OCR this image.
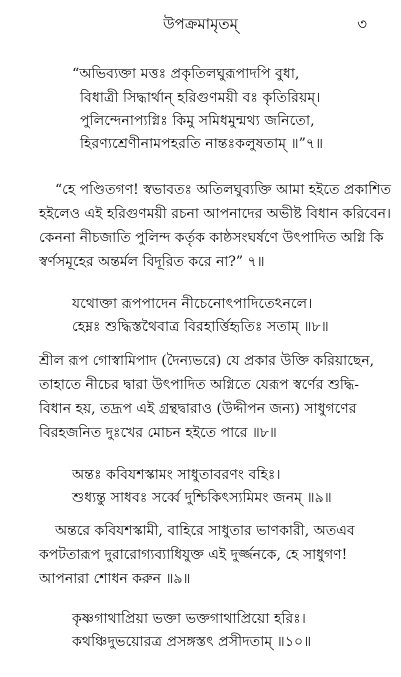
উপক্রমামৃতম্	৩
“অভিব্যক্তা মত্তঃ প্রকৃতিলঘুরূপাদপি বুধা,
বিধাত্রী সিদ্ধার্থান্ হরিগুণময়ী বঃ কৃতিরিয়ম্।
পুলিন্দেনাপ্যগ্নিঃ কিমু সমিধমুন্মথ্য জনিতো,
হিরণ্যশ্রেণীনামপহরতি নান্তঃকলুষতাম্ ॥”৭॥
“হে পণ্ডিতগণ! স্বভাবতঃ অতিলঘুব্যক্তি আমা হইতে প্রকাশিত
হইলেও এই হরিগুণময়ী রচনা আপনাদের অভীষ্ট বিধান করিবেন।
কেননা নীচজাতি পুলিন্দ কর্তৃক কাষ্ঠসংঘর্ষণে উৎপাদিত অগ্নি কি
স্বর্ণসমূহের অন্তর্মল বিদূরিত করে না?” ৭॥
যথোক্তা রূপপাদেন নীচেনোৎপাদিতেঽনলে।
হেম্নঃ শুদ্ধিস্তথৈবাত্র বিরহার্ত্তিহৃতিঃ সতাম্ ॥৮॥
শ্রীল রূপ গোস্বামিপাদ (দৈন্যভরে) যে প্রকার উক্তি করিয়াছেন,
তাহাতে নীচের দ্বারা উৎপাদিত অগ্নিতে যেরূপ স্বর্ণের শুদ্ধি-
বিধান হয়, তদ্রূপ এই গ্রন্থদ্বারাও (উদ্দীপন জন্য) সাধুগণের
বিরহজনিত দুঃখের মোচন হইতে পারে ॥৮॥
অন্তঃ কবিযশস্কামং সাধুতাবরণং বহিঃ।
শুধ্যন্তু সাধবঃ সর্ব্বে দুশ্চিকিৎস্যমিমং জনম্ ॥৯॥
অন্তরে কবিযশস্কামী, বাহিরে সাধুতার ভাণকারী, অতএব
কপটতারূপ দুরারোগ্যব্যাধিযুক্ত এই দুর্জ্জনকে, হে সাধুগণ!
আপনারা শোধন করুন ॥৯॥
কৃষ্ণগাথাপ্রিয়া ভক্তা ভক্তগাথাপ্রিয়ো হরিঃ।
কথঞ্চিদুভয়োরত্র প্রসঙ্গস্তৎ প্রসীদতাম্ ॥১০॥
